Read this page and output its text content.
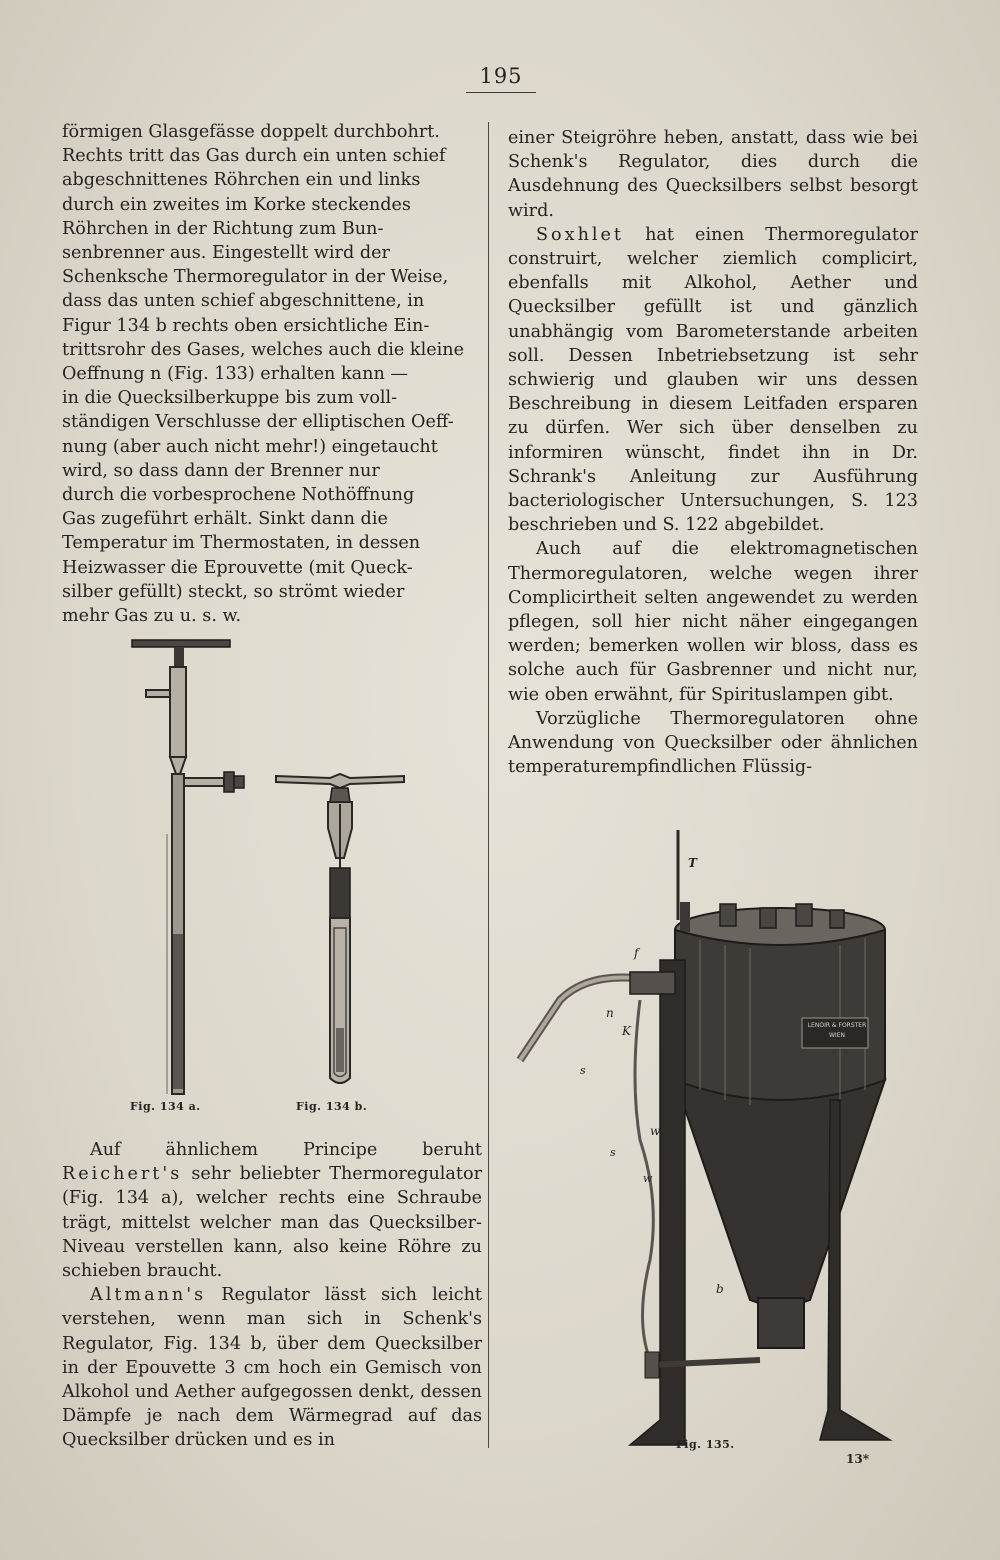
195

förmigen Glasgefässe doppelt durchbohrt.

Rechts tritt das Gas durch ein unten schief

abgeschnittenes Röhrchen ein und links

durch ein zweites im Korke steckendes

Röhrchen in der Richtung zum Bun-

senbrenner aus. Eingestellt wird der

Schenksche Thermoregulator in der Weise,

dass das unten schief abgeschnittene, in

Figur 134 b rechts oben ersichtliche Ein-

trittsrohr des Gases, welches auch die kleine

Oeffnung n (Fig. 133) erhalten kann —

in die Quecksilberkuppe bis zum voll-

ständigen Verschlusse der elliptischen Oeff-

nung (aber auch nicht mehr!) eingetaucht

wird, so dass dann der Brenner nur

durch die vorbesprochene Nothöffnung

Gas zugeführt erhält. Sinkt dann die

Temperatur im Thermostaten, in dessen

Heizwasser die Eprouvette (mit Queck-

silber gefüllt) steckt, so strömt wieder

mehr Gas zu u. s. w.

Fig. 134 a.	Fig. 134 b.

Auf ähnlichem Principe beruht Reichert's sehr beliebter Thermoregulator (Fig. 134 a), welcher rechts eine Schraube trägt, mittelst welcher man das Quecksilber-Niveau verstellen kann, also keine Röhre zu schieben braucht.

Altmann's Regulator lässt sich leicht verstehen, wenn man sich in Schenk's Regulator, Fig. 134 b, über dem Quecksilber in der Epouvette 3 cm hoch ein Gemisch von Alkohol und Aether aufgegossen denkt, dessen Dämpfe je nach dem Wärmegrad auf das Quecksilber drücken und es in

einer Steigröhre heben, anstatt, dass wie bei Schenk's Regulator, dies durch die Ausdehnung des Quecksilbers selbst besorgt wird.

Soxhlet hat einen Thermoregulator construirt, welcher ziemlich complicirt, ebenfalls mit Alkohol, Aether und Quecksilber gefüllt ist und gänzlich unabhängig vom Barometerstande arbeiten soll. Dessen Inbetriebsetzung ist sehr schwierig und glauben wir uns dessen Beschreibung in diesem Leitfaden ersparen zu dürfen. Wer sich über denselben zu informiren wünscht, findet ihn in Dr. Schrank's Anleitung zur Ausführung bacteriologischer Untersuchungen, S. 123 beschrieben und S. 122 abgebildet.

Auch auf die elektromagnetischen Thermoregulatoren, welche wegen ihrer Complicirtheit selten angewendet zu werden pflegen, soll hier nicht näher eingegangen werden; bemerken wollen wir bloss, dass es solche auch für Gasbrenner und nicht nur, wie oben erwähnt, für Spirituslampen gibt.

Vorzügliche Thermoregulatoren ohne Anwendung von Quecksilber oder ähnlichen temperaturempfindlichen Flüssig-

T
f
n
K
s
w
s
w
b
LENOIR & FORSTER
WIEN
Fig. 135.
13*
